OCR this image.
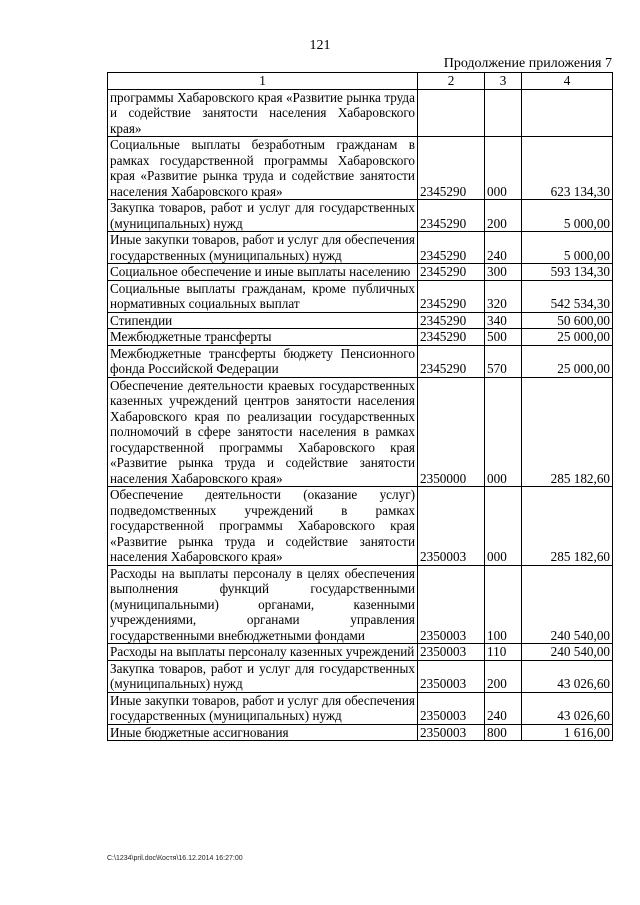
121
Продолжение приложения 7
1	2	3	4
программы Хабаровского края «Развитие рынка труда и содействие занятости населения Хабаровского края»			
Социальные выплаты безработным гражданам в рамках государственной программы Хабаровского края «Развитие рынка труда и содействие занятости населения Хабаровского края»	2345290	000	623 134,30
Закупка товаров, работ и услуг для государственных (муниципальных) нужд	2345290	200	5 000,00
Иные закупки товаров, работ и услуг для обеспечения государственных (муниципальных) нужд	2345290	240	5 000,00
Социальное обеспечение и иные выплаты населению	2345290	300	593 134,30
Социальные выплаты гражданам, кроме публичных нормативных социальных выплат	2345290	320	542 534,30
Стипендии	2345290	340	50 600,00
Межбюджетные трансферты	2345290	500	25 000,00
Межбюджетные трансферты бюджету Пенсионного фонда Российской Федерации	2345290	570	25 000,00
Обеспечение деятельности краевых государственных казенных учреждений центров занятости населения Хабаровского края по реализации государственных полномочий в сфере занятости населения в рамках государственной программы Хабаровского края «Развитие рынка труда и содействие занятости населения Хабаровского края»	2350000	000	285 182,60
Обеспечение деятельности (оказание услуг) подведомственных учреждений в рамках государственной программы Хабаровского края «Развитие рынка труда и содействие занятости населения Хабаровского края»	2350003	000	285 182,60
Расходы на выплаты персоналу в целях обеспечения выполнения функций государственными (муниципальными) органами, казенными учреждениями, органами управления государственными внебюджетными фондами	2350003	100	240 540,00
Расходы на выплаты персоналу казенных учреждений	2350003	110	240 540,00
Закупка товаров, работ и услуг для государственных (муниципальных) нужд	2350003	200	43 026,60
Иные закупки товаров, работ и услуг для обеспечения государственных (муниципальных) нужд	2350003	240	43 026,60
Иные бюджетные ассигнования	2350003	800	1 616,00
C:\1234\pril.doc\Костя\16.12.2014 16:27:00
